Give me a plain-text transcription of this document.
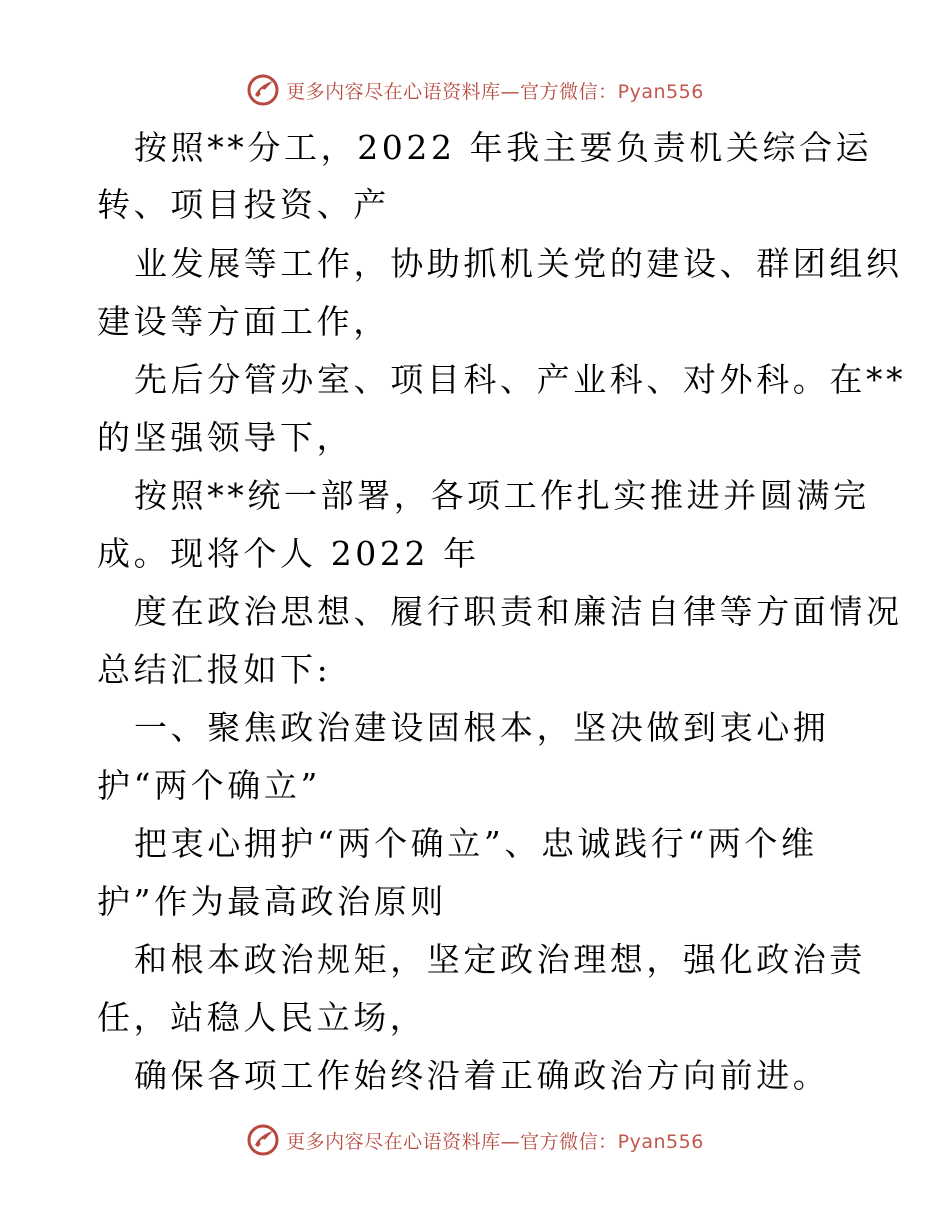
更多内容尽在心语资料库—官方微信：Pyan556
按照**分工，2022 年我主要负责机关综合运
转、项目投资、产
业发展等工作，协助抓机关党的建设、群团组织
建设等方面工作，
先后分管办室、项目科、产业科、对外科。在**
的坚强领导下，
按照**统一部署，各项工作扎实推进并圆满完
成。现将个人 2022 年
度在政治思想、履行职责和廉洁自律等方面情况
总结汇报如下:
一、聚焦政治建设固根本，坚决做到衷心拥
护“两个确立”
把衷心拥护“两个确立”、忠诚践行“两个维
护”作为最高政治原则
和根本政治规矩，坚定政治理想，强化政治责
任，站稳人民立场，
确保各项工作始终沿着正确政治方向前进。
更多内容尽在心语资料库—官方微信：Pyan556
